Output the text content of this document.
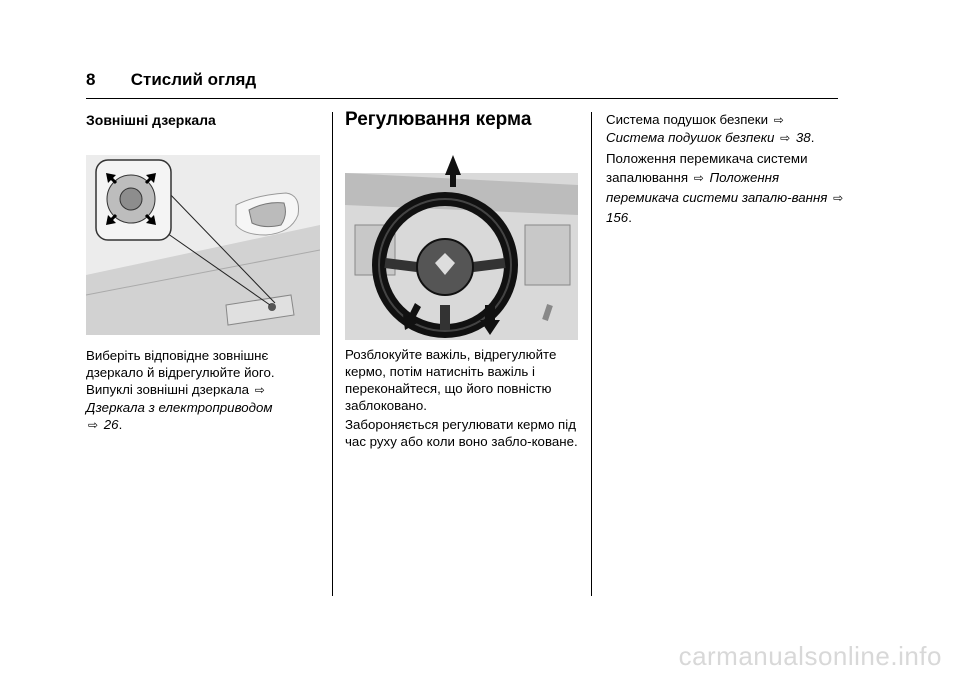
8 Стислий огляд
Зовнішні дзеркала
Виберіть відповідне зовнішнє дзеркало й відрегулюйте його.
Випуклі зовнішні дзеркала ⇨
Дзеркала з електроприводом
⇨ 26.
Регулювання керма
Розблокуйте важіль, відрегулюйте кермо, потім натисніть важіль і переконайтеся, що його повністю заблоковано.
Забороняється регулювати кермо під час руху або коли воно забло-коване.
Система подушок безпеки ⇨
Система подушок безпеки ⇨ 38.
Положення перемикача системи запалювання ⇨ Положення перемикача системи запалю-вання ⇨ 156.
carmanualsonline.info
